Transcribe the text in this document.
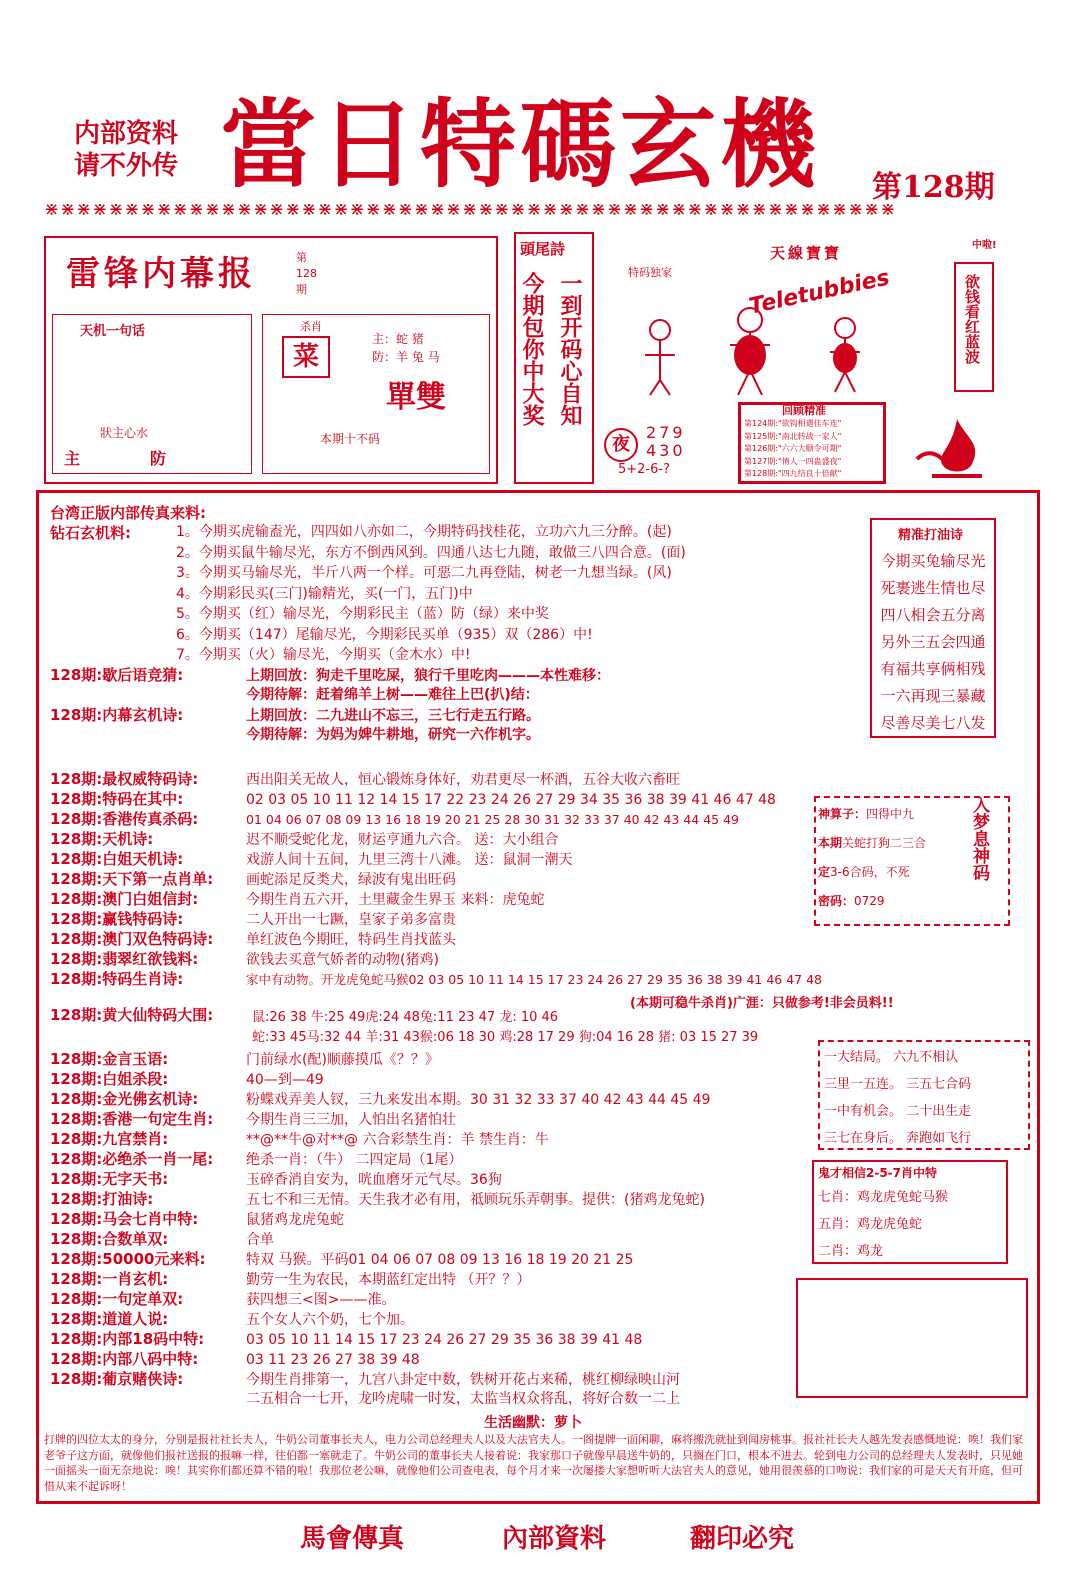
内部资料
请不外传 當日特碼玄機 第128期
⋇⋇⋇⋇⋇⋇⋇⋇⋇⋇⋇⋇⋇⋇⋇⋇⋇⋇⋇⋇⋇⋇⋇⋇⋇⋇⋇⋇⋇⋇⋇⋇⋇⋇⋇⋇⋇⋇⋇⋇⋇⋇⋇⋇⋇⋇⋇⋇⋇⋇⋇⋇⋇
雷锋内幕报	第
128
期
天机一句话
狀主心水
主	防
杀肖
菜
主：蛇 猪
防：羊 兔 马
單雙
本期十不码
頭尾詩
今期包你中大奖 一到开码心自知
夜
279
430
5+2-6-?
天線寶寶
Teletubbies
特码独家
中啦!
欲钱看红蓝波
回顾精准
第124期:"欲钩相遇佳车连"
第125期:"南北转战一家人"
第126期:"六六大顺令可期"
第127期:"情人一四蛊盛夜"
第128期:"四九结良十倍献"
台湾正版内部传真来料:
钻石玄机料:	1。今期买虎输盍光，四四如八亦如二，今期特码找桂花，立功六九三分醉。(起)
2。今期买鼠牛输尽光，东方不倒西风到。四通八达七九随，敢做三八四合意。(面)
3。今期买马输尽光，半斤八两一个样。可惡二九再登陆，树老一九想当绿。(风)
4。今期彩民买(三门)输精光，买(一门，五门)中
5。今期买（红）输尽光，今期彩民主（蓝）防（绿）来中奖
6。今期买（147）尾输尽光，今期彩民买单（935）双（286）中!
7。今期买（火）输尽光，今期买（金木水）中!
128期:歇后语竞猜:	上期回放：狗走千里吃屎，狼行千里吃肉———本性难移：
今期待解：赶着绵羊上树——难往上巴(扒)结：
128期:内幕玄机诗:	上期回放：二九进山不忘三，三七行走五行路。
今期待解：为妈为婢牛耕地，研究一六作机字。
128期:最权威特码诗:	西出阳关无故人，恒心锻炼身体好，劝君更尽一杯酒，五谷大收六畜旺
128期:特码在其中:	02 03 05 10 11 12 14 15 17 22 23 24 26 27 29 34 35 36 38 39 41 46 47 48
128期:香港传真杀码:	01 04 06 07 08 09 13 16 18 19 20 21 25 28 30 31 32 33 37 40 42 43 44 45 49
128期:天机诗:	迟不顺受蛇化龙，财运亨通九六合。 送：大小组合
128期:白姐天机诗:	戏游人间十五间，九里三湾十八滩。 送：鼠洞一潮天
128期:天下第一点肖单: 画蛇添足反类犬，绿波有鬼出旺码
128期:澳门白姐信封:	今期生肖五六开，土里藏金生界玉 来料：虎兔蛇
128期:赢钱特码诗:	二人开出一七蹶，皇家子弟多富贵
128期:澳门双色特码诗: 单红波色今期旺，特码生肖找蓝头
128期:翡翠红欲钱料:	欲钱去买意气娇者的动物(猪鸡)
128期:特码生肖诗:	家中有动物。开龙虎兔蛇马猴02 03 05 10 11 14 15 17 23 24 26 27 29 35 36 38 39 41 46 47 48
128期:黄大仙特码大围:
(本期可稳牛杀肖)广涯：只做参考!非会员料!!
鼠:26 38 牛:25 49虎:24 48兔:11 23 47 龙: 10 46
蛇:33 45马:32 44 羊:31 43猴:06 18 30 鸡:28 17 29 狗:04 16 28 猪: 03 15 27 39
128期:金言玉语:	门前绿水(配)顺藤摸瓜《？？》
128期:白姐杀段:	40—到—49
128期:金光佛玄机诗:	粉蝶戏弄美人钗，三九来发出本期。30 31 32 33 37 40 42 43 44 45 49
128期:香港一句定生肖: 今期生肖三三加，人怕出名猪怕壮
128期:九宫禁肖:	**@**牛@对**@ 六合彩禁生肖：羊 禁生肖：牛
128期:必绝杀一肖一尾: 绝杀一肖：（牛） 二四定局（1尾）
128期:无字天书:	玉碎香消自安为，咣血磨牙元气尽。36狗
128期:打油诗:	五七不和三无情。天生我才必有用，祗顾玩乐弄朝事。提供：(猪鸡龙兔蛇)
128期:马会七肖中特:	鼠猪鸡龙虎兔蛇
128期:合数单双:	合单
128期:50000元来料:	特双 马猴。平码01 04 06 07 08 09 13 16 18 19 20 21 25
128期:一肖玄机:	勤劳一生为农民，本期蓝红定出特 （开？？）
128期:一句定单双:	获四想三<图>——准。
128期:道道人说:	五个女人六个奶，七个加。
128期:内部18码中特:	03 05 10 11 14 15 17 23 24 26 27 29 35 36 38 39 41 48
128期:内部八码中特:	03 11 23 26 27 38 39 48
128期:葡京赌侠诗:	今期生肖排第一，九宫八卦定中数，铁树开花占来稀，桃红柳绿映山河
二五相合一七开，龙吟虎啸一时发，太监当权众将乱，将好合数一二上
生活幽默：萝卜
打牌的四位太太的身分，分别是报社社长夫人，牛奶公司董事长夫人，电力公司总经理夫人以及大法官夫人。一阁提牌一面闲聊，麻将搬洗就扯到闻房桃事。报社社长夫人越先发表感慨地说：唉！我们家老爷子这方面，就像他们报社送报的报嘛一样，往伯都一塞就走了。牛奶公司的董事长夫人接着说：我家那口子就像早晨送牛奶的，只搁在门口，根本不进去。轮到电力公司的总经理夫人发表时，只见她一面摇头一面无奈地说：唉！其实你们都还算不错的啦！我那位老公嘛，就像他们公司查电表，每个月才来一次屡搂大家想听听大法官夫人的意见，她用很羡慕的口吻说：我们家的可是天天有开庭，但可惜从来不起诉呀！
精准打油诗
今期买兔输尽光
死裹逃生情也尽
四八相会五分离
另外三五会四通
有福共享俩相残
一六再现三暴藏
尽善尽美七八发
神算子：四得中九
本期关蛇打狗二三合
定3-6合码，不死
密码：0729
入梦息神码
一大结局。 六九不相认
三里一五连。 三五七合码
一中有机会。 二十出生走
三七在身后。 奔跑如飞行
鬼才相信2-5-7肖中特
七肖：鸡龙虎兔蛇马猴
五肖：鸡龙虎兔蛇
二肖：鸡龙
馬會傳真	內部資料	翻印必究
